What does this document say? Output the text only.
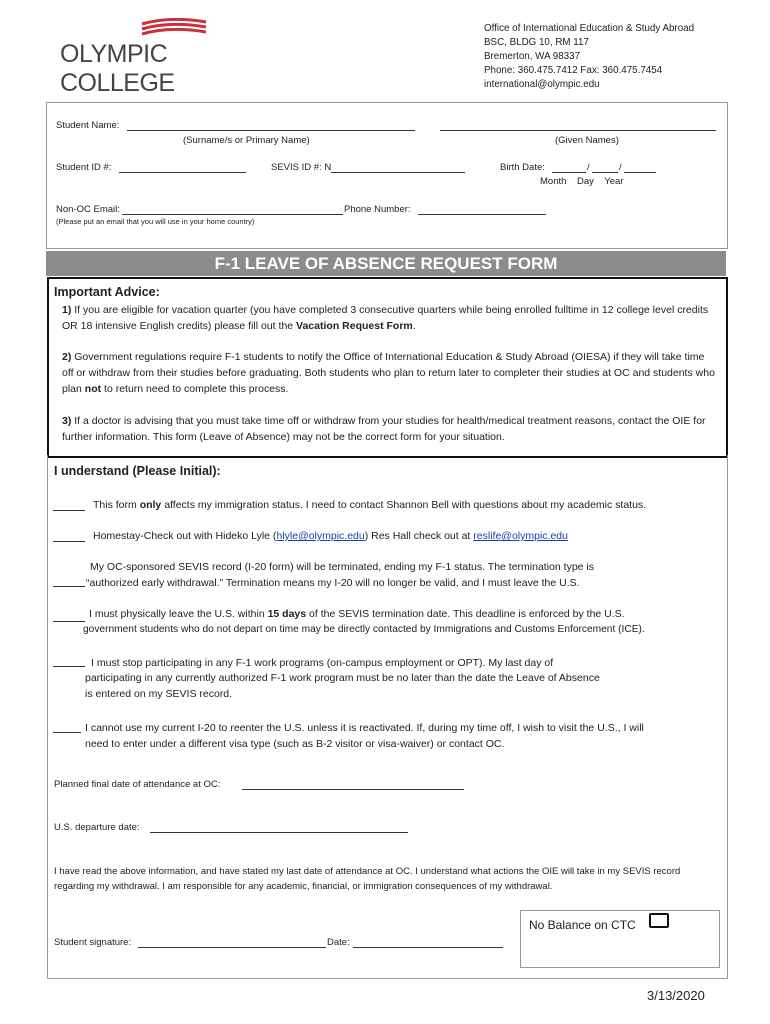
OLYMPIC COLLEGE
Office of International Education & Study Abroad
BSC, BLDG 10, RM 117
Bremerton, WA 98337
Phone: 360.475.7412 Fax: 360.475.7454
international@olympic.edu
Student Name:
(Surname/s or Primary Name)	(Given Names)
Student ID #:	SEVIS ID #: N	Birth Date:	/	/
Month    Day    Year
Non-OC Email:	Phone Number:
(Please put an email that you will use in your home country)
F-1 LEAVE OF ABSENCE REQUEST FORM
Important Advice:
1) If you are eligible for vacation quarter (you have completed 3 consecutive quarters while being enrolled fulltime in 12 college level credits OR 18 intensive English credits) please fill out the Vacation Request Form.
2) Government regulations require F-1 students to notify the Office of International Education & Study Abroad (OIESA) if they will take time off or withdraw from their studies before graduating. Both students who plan to return later to completer their studies at OC and students who plan not to return need to complete this process.
3) If a doctor is advising that you must take time off or withdraw from your studies for health/medical treatment reasons, contact the OIE for further information. This form (Leave of Absence) may not be the correct form for your situation.
I understand (Please Initial):
This form only affects my immigration status. I need to contact Shannon Bell with questions about my academic status.
Homestay-Check out with Hideko Lyle (hlyle@olympic.edu) Res Hall check out at reslife@olympic.edu
My OC-sponsored SEVIS record (I-20 form) will be terminated, ending my F-1 status. The termination type is
“authorized early withdrawal.” Termination means my I-20 will no longer be valid, and I must leave the U.S.
I must physically leave the U.S. within 15 days of the SEVIS termination date. This deadline is enforced by the U.S.
government students who do not depart on time may be directly contacted by Immigrations and Customs Enforcement (ICE).
I must stop participating in any F-1 work programs (on-campus employment or OPT). My last day of
participating in any currently authorized F-1 work program must be no later than the date the Leave of Absence
is entered on my SEVIS record.
I cannot use my current I-20 to reenter the U.S. unless it is reactivated. If, during my time off, I wish to visit the U.S., I will
need to enter under a different visa type (such as B-2 visitor or visa-waiver) or contact OC.
Planned final date of attendance at OC:
U.S. departure date:
I have read the above information, and have stated my last date of attendance at OC. I understand what actions the OIE will take in my SEVIS record regarding my withdrawal. I am responsible for any academic, financial, or immigration consequences of my withdrawal.
No Balance on CTC
Student signature:	Date:
3/13/2020
